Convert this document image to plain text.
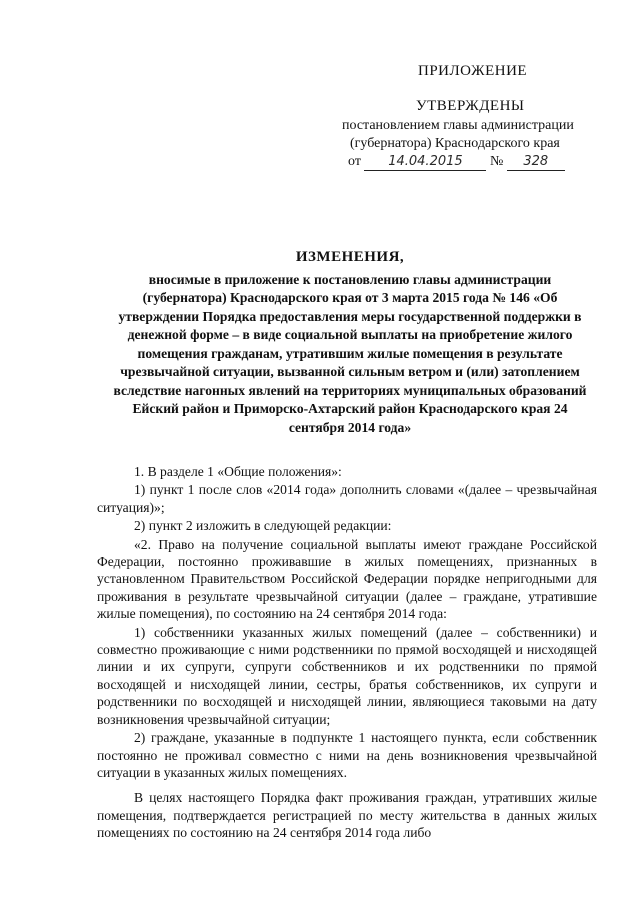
ПРИЛОЖЕНИЕ
УТВЕРЖДЕНЫ
постановлением главы администрации
(губернатора) Краснодарского края
от 14.04.2015 № 328
ИЗМЕНЕНИЯ,
вносимые в приложение к постановлению главы администрации (губернатора) Краснодарского края от 3 марта 2015 года № 146 «Об утверждении Порядка предоставления меры государственной поддержки в денежной форме – в виде социальной выплаты на приобретение жилого помещения гражданам, утратившим жилые помещения в результате чрезвычайной ситуации, вызванной сильным ветром и (или) затоплением вследствие нагонных явлений на территориях муниципальных образований Ейский район и Приморско-Ахтарский район Краснодарского края 24 сентября 2014 года»

1. В разделе 1 «Общие положения»:

1) пункт 1 после слов «2014 года» дополнить словами «(далее – чрезвычайная ситуация)»;

2) пункт 2 изложить в следующей редакции:

«2. Право на получение социальной выплаты имеют граждане Российской Федерации, постоянно проживавшие в жилых помещениях, признанных в установленном Правительством Российской Федерации порядке непригодными для проживания в результате чрезвычайной ситуации (далее – граждане, утратившие жилые помещения), по состоянию на 24 сентября 2014 года:

1) собственники указанных жилых помещений (далее – собственники) и совместно проживающие с ними родственники по прямой восходящей и нисходящей линии и их супруги, супруги собственников и их родственники по прямой восходящей и нисходящей линии, сестры, братья собственников, их супруги и родственники по восходящей и нисходящей линии, являющиеся таковыми на дату возникновения чрезвычайной ситуации;

2) граждане, указанные в подпункте 1 настоящего пункта, если собственник постоянно не проживал совместно с ними на день возникновения чрезвычайной ситуации в указанных жилых помещениях.

В целях настоящего Порядка факт проживания граждан, утративших жилые помещения, подтверждается регистрацией по месту жительства в данных жилых помещениях по состоянию на 24 сентября 2014 года либо
